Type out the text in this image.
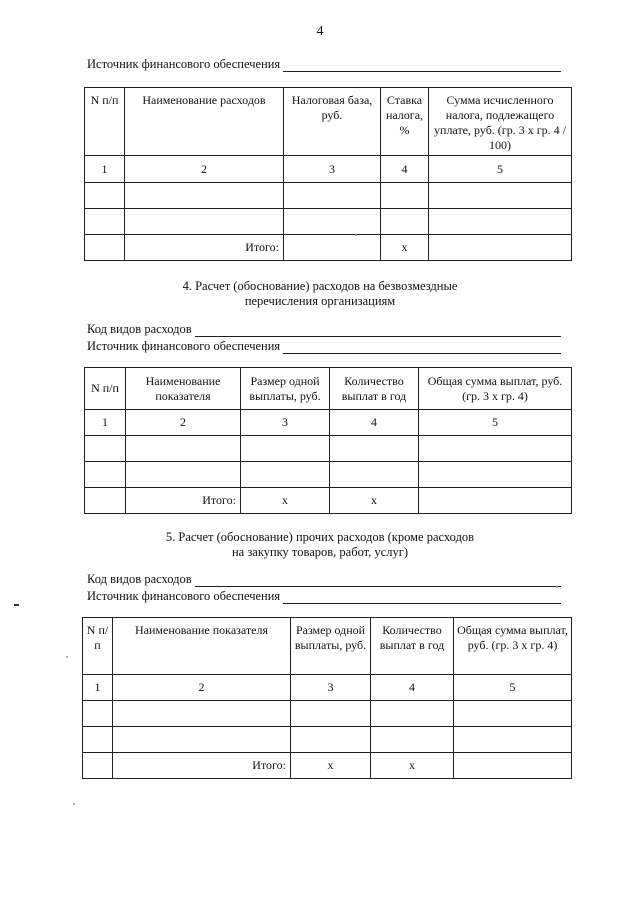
4
Источник финансового обеспечения
N п/п	Наименование расходов	Налоговая база, руб.	Ставка налога, %	Сумма исчисленного налога, подлежащего уплате, руб. (гр. 3 х гр. 4 / 100)
1	2	3	4	5

	Итого:		х	
4. Расчет (обоснование) расходов на безвозмездные
перечисления организациям
Код видов расходов
Источник финансового обеспечения
N п/п	Наименование показателя	Размер одной выплаты, руб.	Количество выплат в год	Общая сумма выплат, руб. (гр. 3 х гр. 4)
1	2	3	4	5

	Итого:	х	х	
5. Расчет (обоснование) прочих расходов (кроме расходов
на закупку товаров, работ, услуг)
Код видов расходов
Источник финансового обеспечения
N п/п	Наименование показателя	Размер одной выплаты, руб.	Количество выплат в год	Общая сумма выплат, руб. (гр. 3 х гр. 4)
1	2	3	4	5

	Итого:	х	х	
